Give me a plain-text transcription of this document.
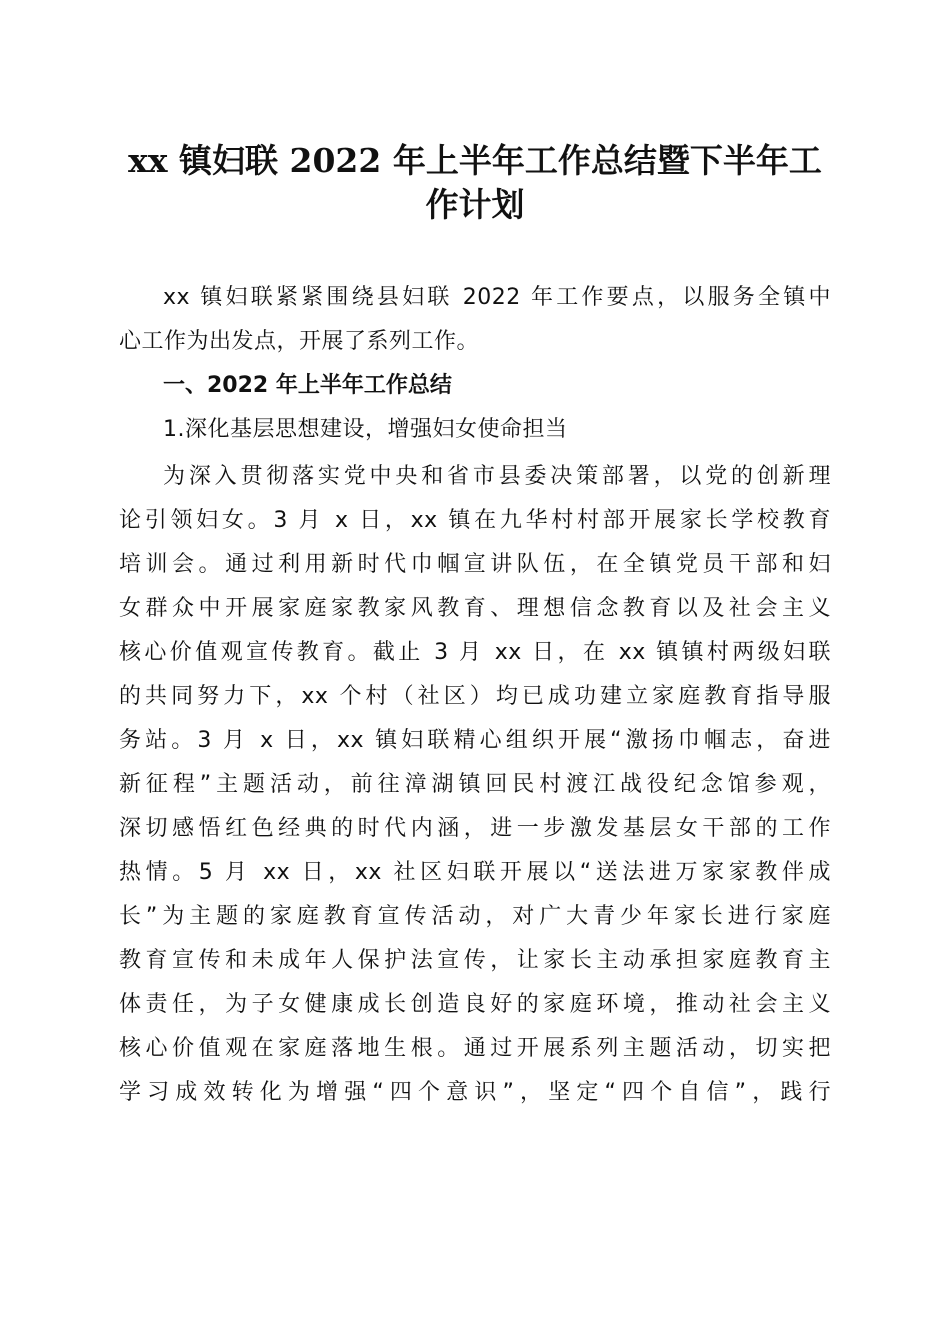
xx 镇妇联 2022 年上半年工作总结暨下半年工
作计划
xx 镇妇联紧紧围绕县妇联 2022 年工作要点，以服务全镇中
心工作为出发点，开展了系列工作。
一、2022 年上半年工作总结
1.深化基层思想建设，增强妇女使命担当
为深入贯彻落实党中央和省市县委决策部署，以党的创新理
论引领妇女。3 月 x 日，xx 镇在九华村村部开展家长学校教育
培训会。通过利用新时代巾帼宣讲队伍，在全镇党员干部和妇
女群众中开展家庭家教家风教育、理想信念教育以及社会主义
核心价值观宣传教育。截止 3 月 xx 日，在 xx 镇镇村两级妇联
的共同努力下，xx 个村（社区）均已成功建立家庭教育指导服
务站。3 月 x 日，xx 镇妇联精心组织开展“激扬巾帼志，奋进
新征程”主题活动，前往漳湖镇回民村渡江战役纪念馆参观，
深切感悟红色经典的时代内涵，进一步激发基层女干部的工作
热情。5 月 xx 日，xx 社区妇联开展以“送法进万家家教伴成
长”为主题的家庭教育宣传活动，对广大青少年家长进行家庭
教育宣传和未成年人保护法宣传，让家长主动承担家庭教育主
体责任，为子女健康成长创造良好的家庭环境，推动社会主义
核心价值观在家庭落地生根。通过开展系列主题活动，切实把
学习成效转化为增强“四个意识”，坚定“四个自信”，践行
